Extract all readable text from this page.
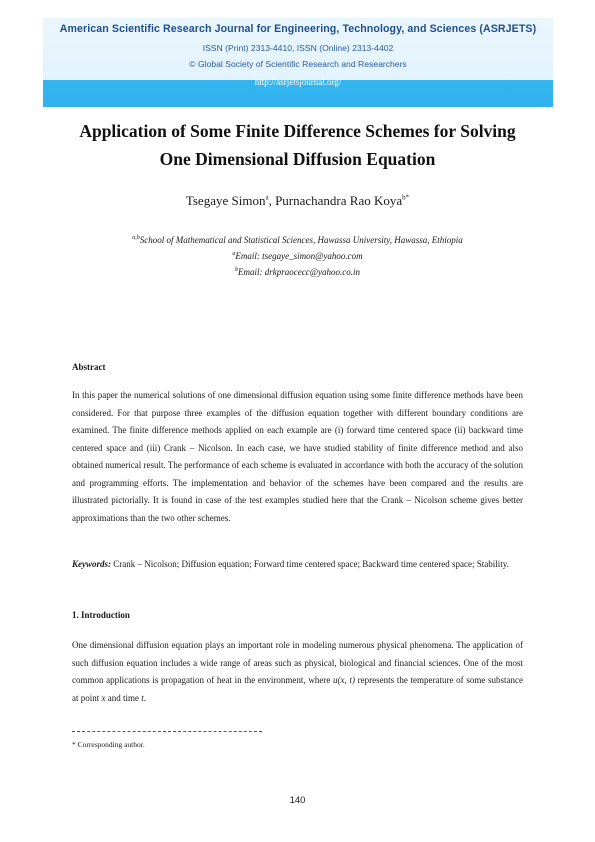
American Scientific Research Journal for Engineering, Technology, and Sciences (ASRJETS)
ISSN (Print) 2313-4410, ISSN (Online) 2313-4402
© Global Society of Scientific Research and Researchers
http://asrjetsjournal.org/
Application of Some Finite Difference Schemes for Solving
One Dimensional Diffusion Equation
Tsegaye Simon$^a$, Purnachandra Rao Koya$^{b*}$
$^{a,b}$School of Mathematical and Statistical Sciences, Hawassa University, Hawassa, Ethiopia
$^a$Email: tsegaye_simon@yahoo.com
$^b$Email: drkpraocecc@yahoo.co.in
Abstract
In this paper the numerical solutions of one dimensional diffusion equation using some finite difference methods have been considered. For that purpose three examples of the diffusion equation together with different boundary conditions are examined. The finite difference methods applied on each example are (i) forward time centered space (ii) backward time centered space and (iii) Crank – Nicolson. In each case, we have studied stability of finite difference method and also obtained numerical result. The performance of each scheme is evaluated in accordance with both the accuracy of the solution and programming efforts. The implementation and behavior of the schemes have been compared and the results are illustrated pictorially. It is found in case of the test examples studied here that the Crank – Nicolson scheme gives better approximations than the two other schemes.
Keywords: Crank – Nicolson; Diffusion equation; Forward time centered space; Backward time centered space; Stability.
1. Introduction
One dimensional diffusion equation plays an important role in modeling numerous physical phenomena. The application of such diffusion equation includes a wide range of areas such as physical, biological and financial sciences. One of the most common applications is propagation of heat in the environment, where u(x, t) represents the temperature of some substance at point x and time t.
* Corresponding author.
140
